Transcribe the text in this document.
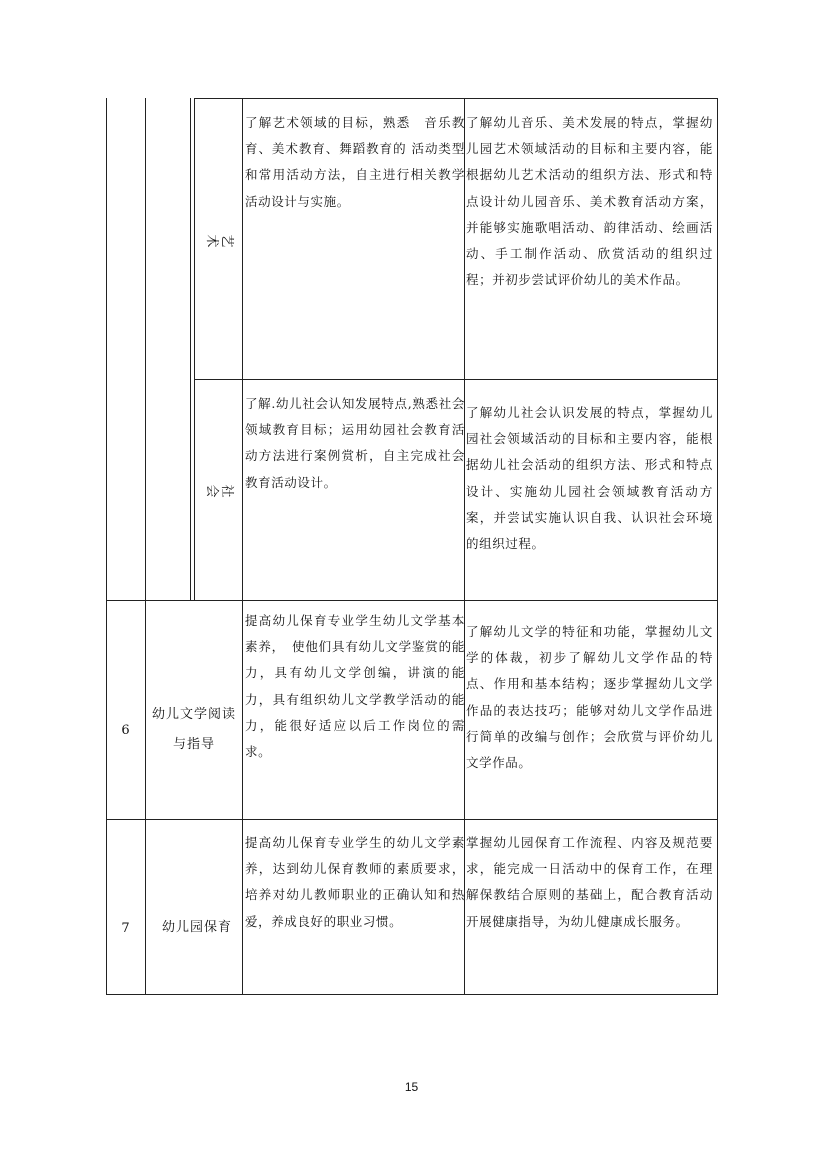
艺术
了解艺术领域的目标，熟悉　音乐教育、美术教育、舞蹈教育的 活动类型和常用活动方法，自主进行相关教学活动设计与实施。
了解幼儿音乐、美术发展的特点，掌握幼儿园艺术领域活动的目标和主要内容，能根据幼儿艺术活动的组织方法、形式和特点设计幼儿园音乐、美术教育活动方案，并能够实施歌唱活动、韵律活动、绘画活动、手工制作活动、欣赏活动的组织过程；并初步尝试评价幼儿的美术作品。
社会
了解.幼儿社会认知发展特点,熟悉社会领域教育目标；运用幼园社会教育活动方法进行案例赏析，自主完成社会教育活动设计。
了解幼儿社会认识发展的特点，掌握幼儿园社会领域活动的目标和主要内容，能根据幼儿社会活动的组织方法、形式和特点设计、实施幼儿园社会领域教育活动方案，并尝试实施认识自我、认识社会环境的组织过程。
6
幼儿文学阅读与指导
提高幼儿保育专业学生幼儿文学基本素养，　使他们具有幼儿文学鉴赏的能力，具有幼儿文学创编，讲演的能力，具有组织幼儿文学教学活动的能力，能很好适应以后工作岗位的需求。
了解幼儿文学的特征和功能，掌握幼儿文学的体裁，初步了解幼儿文学作品的特点、作用和基本结构；逐步掌握幼儿文学作品的表达技巧；能够对幼儿文学作品进行简单的改编与创作；会欣赏与评价幼儿文学作品。
7	幼儿园保育
提高幼儿保育专业学生的幼儿文学素养，达到幼儿保育教师的素质要求，培养对幼儿教师职业的正确认知和热爱，养成良好的职业习惯。
掌握幼儿园保育工作流程、内容及规范要求，能完成一日活动中的保育工作，在理解保教结合原则的基础上，配合教育活动开展健康指导，为幼儿健康成长服务。
15
